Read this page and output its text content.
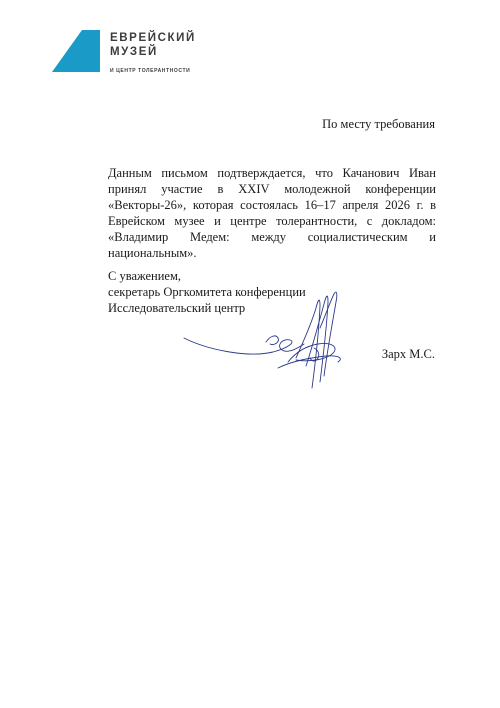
ЕВРЕЙСКИЙ
МУЗЕЙ
И ЦЕНТР ТОЛЕРАНТНОСТИ
По месту требования

Данным письмом подтверждается, что Качанович Иван принял участие в XXIV молодежной конференции «Векторы-26», которая состоялась 16–17 апреля 2026 г. в Еврейском музее и центре толерантности, с докладом: «Владимир Медем: между социалистическим и национальным».

С уважением,
секретарь Оргкомитета конференции
Исследовательский центр
Зарх М.С.
